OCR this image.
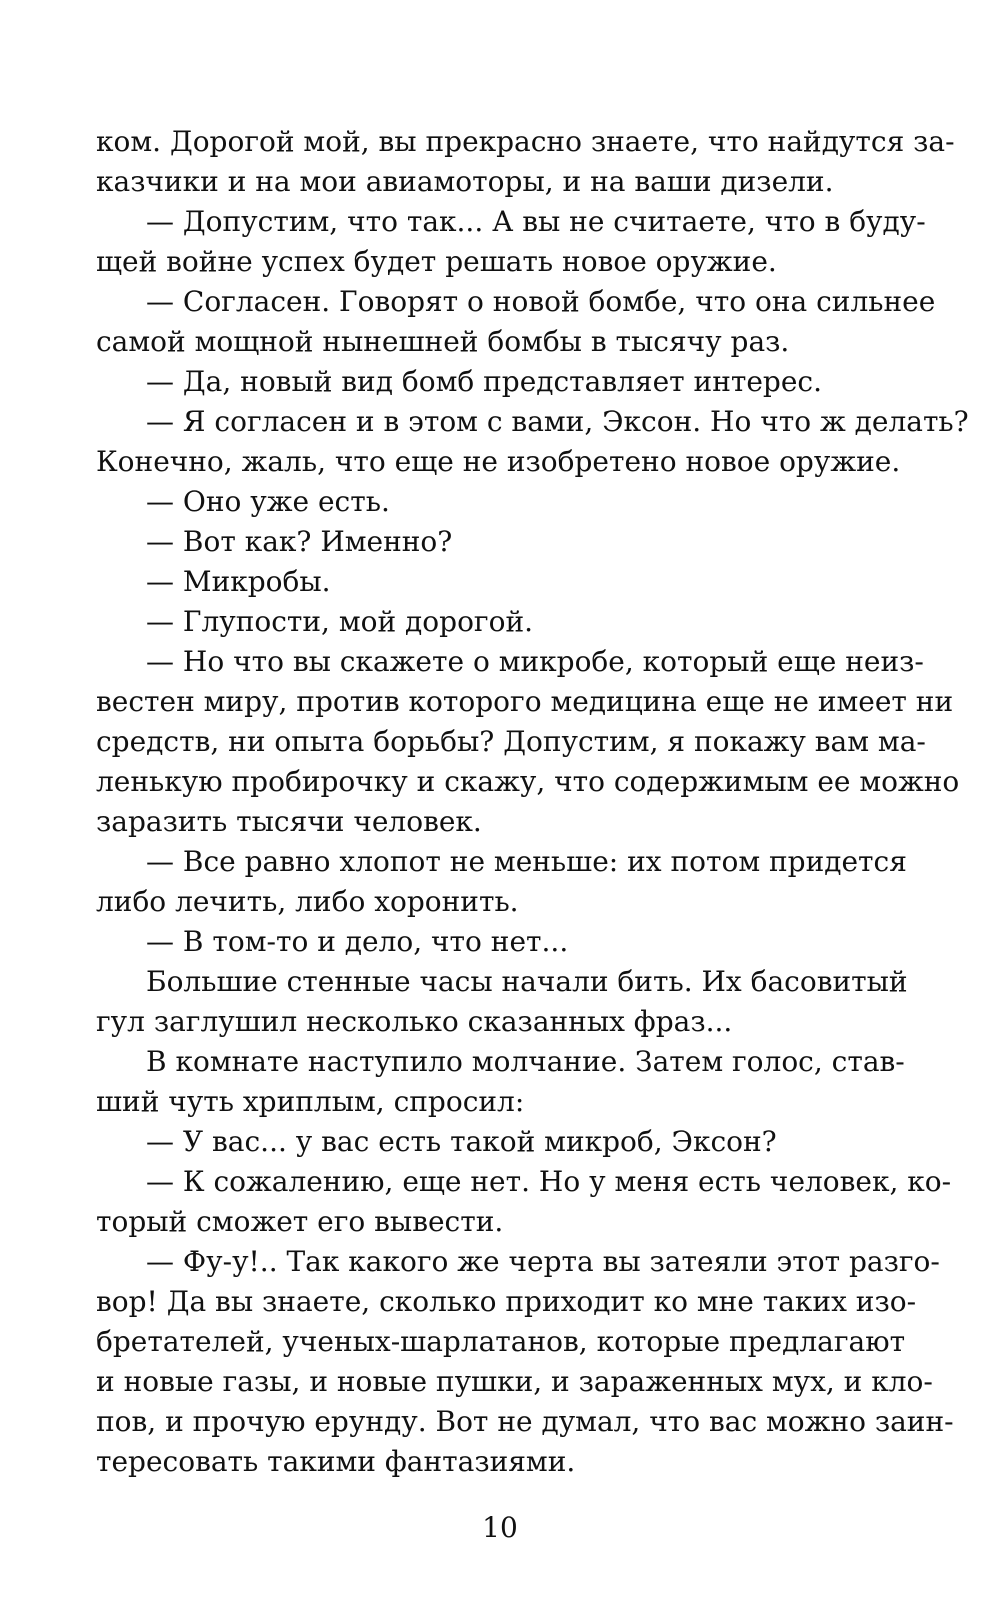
ком. Дорогой мой, вы прекрасно знаете, что найдутся за-
казчики и на мои авиамоторы, и на ваши дизели.
— Допустим, что так... А вы не считаете, что в буду-
щей войне успех будет решать новое оружие.
— Согласен. Говорят о новой бомбе, что она сильнее
самой мощной нынешней бомбы в тысячу раз.
— Да, новый вид бомб представляет интерес.
— Я согласен и в этом с вами, Эксон. Но что ж делать?
Конечно, жаль, что еще не изобретено новое оружие.
— Оно уже есть.
— Вот как? Именно?
— Микробы.
— Глупости, мой дорогой.
— Но что вы скажете о микробе, который еще неиз-
вестен миру, против которого медицина еще не имеет ни
средств, ни опыта борьбы? Допустим, я покажу вам ма-
ленькую пробирочку и скажу, что содержимым ее можно
заразить тысячи человек.
— Все равно хлопот не меньше: их потом придется
либо лечить, либо хоронить.
— В том-то и дело, что нет...
Большие стенные часы начали бить. Их басовитый
гул заглушил несколько сказанных фраз...
В комнате наступило молчание. Затем голос, став-
ший чуть хриплым, спросил:
— У вас... у вас есть такой микроб, Эксон?
— К сожалению, еще нет. Но у меня есть человек, ко-
торый сможет его вывести.
— Фу-у!.. Так какого же черта вы затеяли этот разго-
вор! Да вы знаете, сколько приходит ко мне таких изо-
бретателей, ученых-шарлатанов, которые предлагают
и новые газы, и новые пушки, и зараженных мух, и кло-
пов, и прочую ерунду. Вот не думал, что вас можно заин-
тересовать такими фантазиями.
10
